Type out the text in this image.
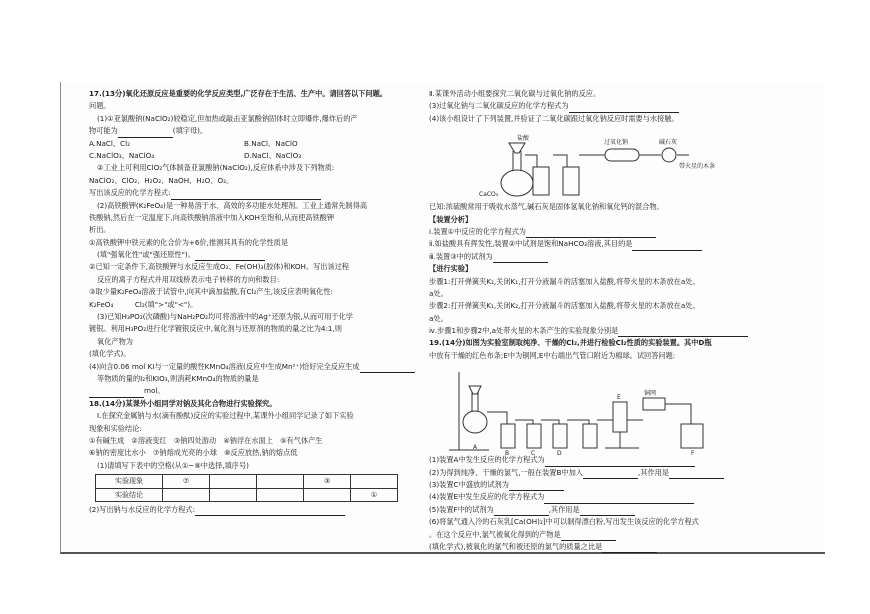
17.(13分)氧化还原反应是重要的化学反应类型,广泛存在于生活、生产中。请回答以下问题。
问题。
(1)①亚氯酸钠(NaClO₂)较稳定,但加热或敲击亚氯酸钠固体时立即爆炸,爆炸后的产
物可能为	(填字母)。
A.NaCl、Cl₂	B.NaCl、NaClO
C.NaClO₃、NaClO₄	D.NaCl、NaClO₃
②工业上可利用ClO₂气体制备亚氯酸钠(NaClO₂),反应体系中涉及下列物质:
NaClO₂、ClO₂、H₂O₂、NaOH、H₂O、O₂。
写出该反应的化学方程式:
(2)高铁酸钾(K₂FeO₄)是一种易溶于水、高效的多功能水处理剂。工业上通常先制得高
铁酸钠,然后在一定温度下,向高铁酸钠溶液中加入KOH至饱和,从而使高铁酸钾
析出。
①高铁酸钾中铁元素的化合价为+6价,推测其具有的化学性质是
(填"强氧化性"或"强还原性")。
②已知一定条件下,高铁酸钾与水反应生成O₂、Fe(OH)₃(胶体)和KOH。写出该过程
反应的离子方程式并用双线桥表示电子转移的方向和数目:
③取少量K₂FeO₄溶液于试管中,向其中滴加盐酸,有Cl₂产生,该反应表明氧化性:
K₂FeO₄　　　Cl₂(填">"或"<")。
(3)已知H₃PO₂(次磷酸)与NaH₂PO₂均可将溶液中的Ag⁺还原为银,从而可用于化学
镀银。利用H₃PO₂进行化学镀银反应中,氧化剂与还原剂的物质的量之比为4:1,则
氧化产物为
(填化学式)。
(4)向含0.06 mol KI与一定量的酸性KMnO₄溶液(反应中生成Mn²⁺)恰好完全反应生成
等物质的量的I₂和KIO₃,则消耗KMnO₄的物质的量是
mol。
18.(14分)某课外小组同学对钠及其化合物进行实验探究。
Ⅰ.在探究金属钠与水(滴有酚酞)反应的实验过程中,某课外小组同学记录了如下实验
现象和实验结论:
①有碱生成　②溶液变红　③钠四处游动　④钠浮在水面上　⑤有气体产生
⑥钠的密度比水小　⑦钠熔成光亮的小球　⑧反应放热,钠的熔点低
(1)请填写下表中的空格(从①~⑧中选择,填序号)
实验现象	⑦			③	
实验结论					①
(2)写出钠与水反应的化学方程式:
Ⅱ.某课外活动小组要探究二氧化碳与过氧化钠的反应。
(3)过氧化钠与二氧化碳反应的化学方程式为
(4)该小组设计了下列装置,并验证了二氧化碳跟过氧化钠反应时需要与水接触。
盐酸
CaCO₃
过氧化钠	碱石灰
带火星的木条
已知:浓硫酸常用于吸收水蒸气,碱石灰是固体氢氧化钠和氧化钙的混合物。
【装置分析】
ⅰ.装置①中反应的化学方程式为
ⅱ.如盐酸具有挥发性,装置②中试剂是饱和NaHCO₃溶液,其目的是
ⅲ.装置③中的试剂为
【进行实验】
步骤1:打开弹簧夹K₂,关闭K₁,打开分液漏斗的活塞加入盐酸,将带火星的木条放在a处。
a处。
步骤2:打开弹簧夹K₁,关闭K₂,打开分液漏斗的活塞加入盐酸,将带火星的木条放在a处。
a处。
ⅳ.步骤1和步骤2中,a处带火星的木条产生的实验现象分别是
19.(14分)如图为实验室制取纯净、干燥的Cl₂,并进行检验Cl₂性质的实验装置。其中D瓶
中放有干燥的红色布条;E中为铜网,E中右端出气管口附近为棉球。试回答问题:
A
B	C	D
E
铜网
F
(1)装置A中发生反应的化学方程式为
(2)为得到纯净、干燥的氯气,一般在装置B中加入	,其作用是
(3)装置C中盛放的试剂为
(4)装置E中发生反应的化学方程式为
(5)装置F中的试剂为	,其作用是
(6)将氯气通入冷的石灰乳[Ca(OH)₂]中可以制得漂白粉,写出发生该反应的化学方程式
。在这个反应中,氯气被氧化得到的产物是
(填化学式),被氧化的氯气和被还原的氯气的质量之比是
